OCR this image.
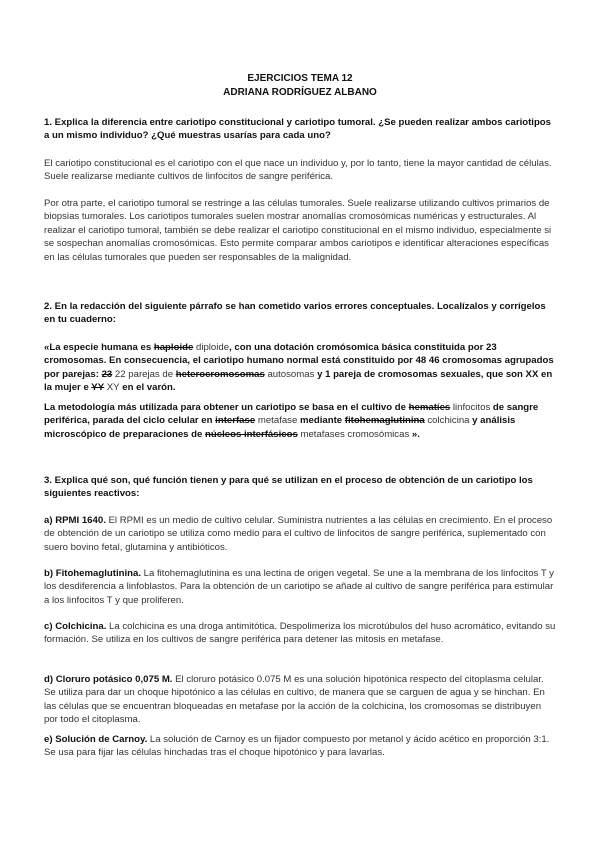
EJERCICIOS TEMA 12
ADRIANA RODRÍGUEZ ALBANO
1. Explica la diferencia entre cariotipo constitucional y cariotipo tumoral. ¿Se pueden realizar ambos cariotipos a un mismo individuo? ¿Qué muestras usarías para cada uno?
El cariotipo constitucional es el cariotipo con el que nace un individuo y, por lo tanto, tiene la mayor cantidad de células. Suele realizarse mediante cultivos de linfocitos de sangre periférica.
Por otra parte, el cariotipo tumoral se restringe a las células tumorales. Suele realizarse utilizando cultivos primarios de biopsias tumorales. Los cariotipos tumorales suelen mostrar anomalías cromosómicas numéricas y estructurales. Al realizar el cariotipo tumoral, también se debe realizar el cariotipo constitucional en el mismo individuo, especialmente si se sospechan anomalías cromosómicas. Esto permite comparar ambos cariotipos e identificar alteraciones específicas en las células tumorales que pueden ser responsables de la malignidad.
2. En la redacción del siguiente párrafo se han cometido varios errores conceptuales. Localízalos y corrígelos en tu cuaderno:
«La especie humana es haploide diploide, con una dotación cromósomica básica constituida por 23 cromosomas. En consecuencia, el cariotipo humano normal está constituido por 48 46 cromosomas agrupados por parejas: 23 22 parejas de heterocromosomas autosomas y 1 pareja de cromosomas sexuales, que son XX en la mujer e YY XY en el varón.
La metodología más utilizada para obtener un cariotipo se basa en el cultivo de hematíes linfocitos de sangre periférica, parada del ciclo celular en interfase metafase mediante fitohemaglutinina colchicina y análisis microscópico de preparaciones de núcleos interfásicos metafases cromosómicas ».
3. Explica qué son, qué función tienen y para qué se utilizan en el proceso de obtención de un cariotipo los siguientes reactivos:
a) RPMI 1640. El RPMI es un medio de cultivo celular. Suministra nutrientes a las células en crecimiento. En el proceso de obtención de un cariotipo se utiliza como medio para el cultivo de linfocitos de sangre periférica, suplementado con suero bovino fetal, glutamina y antibióticos.
b) Fitohemaglutinina. La fitohemaglutinina es una lectina de origen vegetal. Se une a la membrana de los linfocitos T y los desdiferencia a linfoblastos. Para la obtención de un cariotipo se añade al cultivo de sangre periférica para estimular a los linfocitos T y que proliferen.
c) Colchicina. La colchicina es una droga antimitótica. Despolimeriza los microtúbulos del huso acromático, evitando su formación. Se utiliza en los cultivos de sangre periférica para detener las mitosis en metafase.
d) Cloruro potásico 0,075 M. El cloruro potásico 0.075 M es una solución hipotónica respecto del citoplasma celular. Se utiliza para dar un choque hipotónico a las células en cultivo, de manera que se carguen de agua y se hinchan. En las células que se encuentran bloqueadas en metafase por la acción de la colchicina, los cromosomas se distribuyen por todo el citoplasma.
e) Solución de Carnoy. La solución de Carnoy es un fijador compuesto por metanol y ácido acético en proporción 3:1. Se usa para fijar las células hinchadas tras el choque hipotónico y para lavarlas.
